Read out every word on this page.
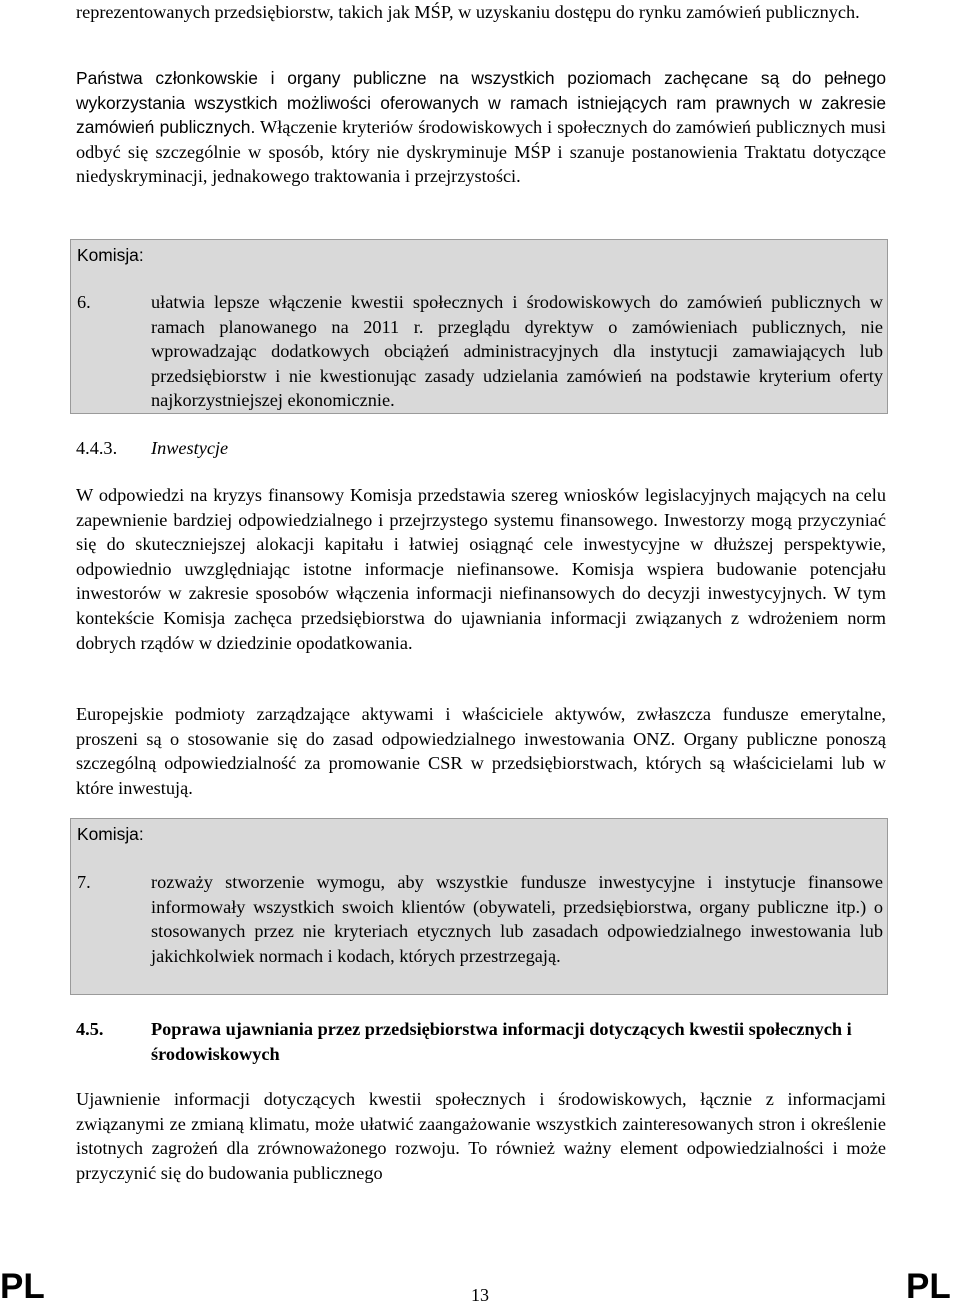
reprezentowanych przedsiębiorstw, takich jak MŚP, w uzyskaniu dostępu do rynku zamówień publicznych.

Państwa członkowskie i organy publiczne na wszystkich poziomach zachęcane są do pełnego wykorzystania wszystkich możliwości oferowanych w ramach istniejących ram prawnych w zakresie zamówień publicznych. Włączenie kryteriów środowiskowych i społecznych do zamówień publicznych musi odbyć się szczególnie w sposób, który nie dyskryminuje MŚP i szanuje postanowienia Traktatu dotyczące niedyskryminacji, jednakowego traktowania i przejrzystości.

Komisja:

6.	ułatwia lepsze włączenie kwestii społecznych i środowiskowych do zamówień publicznych w ramach planowanego na 2011 r. przeglądu dyrektyw o zamówieniach publicznych, nie wprowadzając dodatkowych obciążeń administracyjnych dla instytucji zamawiających lub przedsiębiorstw i nie kwestionując zasady udzielania zamówień na podstawie kryterium oferty najkorzystniejszej ekonomicznie.

4.4.3. Inwestycje

W odpowiedzi na kryzys finansowy Komisja przedstawia szereg wniosków legislacyjnych mających na celu zapewnienie bardziej odpowiedzialnego i przejrzystego systemu finansowego. Inwestorzy mogą przyczyniać się do skuteczniejszej alokacji kapitału i łatwiej osiągnąć cele inwestycyjne w dłuższej perspektywie, odpowiednio uwzględniając istotne informacje niefinansowe. Komisja wspiera budowanie potencjału inwestorów w zakresie sposobów włączenia informacji niefinansowych do decyzji inwestycyjnych. W tym kontekście Komisja zachęca przedsiębiorstwa do ujawniania informacji związanych z wdrożeniem norm dobrych rządów w dziedzinie opodatkowania.

Europejskie podmioty zarządzające aktywami i właściciele aktywów, zwłaszcza fundusze emerytalne, proszeni są o stosowanie się do zasad odpowiedzialnego inwestowania ONZ. Organy publiczne ponoszą szczególną odpowiedzialność za promowanie CSR w przedsiębiorstwach, których są właścicielami lub w które inwestują.

Komisja:

7.	rozważy stworzenie wymogu, aby wszystkie fundusze inwestycyjne i instytucje finansowe informowały wszystkich swoich klientów (obywateli, przedsiębiorstwa, organy publiczne itp.) o stosowanych przez nie kryteriach etycznych lub zasadach odpowiedzialnego inwestowania lub jakichkolwiek normach i kodach, których przestrzegają.

4.5.	Poprawa ujawniania przez przedsiębiorstwa informacji dotyczących kwestii społecznych i środowiskowych

Ujawnienie informacji dotyczących kwestii społecznych i środowiskowych, łącznie z informacjami związanymi ze zmianą klimatu, może ułatwić zaangażowanie wszystkich zainteresowanych stron i określenie istotnych zagrożeń dla zrównoważonego rozwoju. To również ważny element odpowiedzialności i może przyczynić się do budowania publicznego

PL	13	PL
